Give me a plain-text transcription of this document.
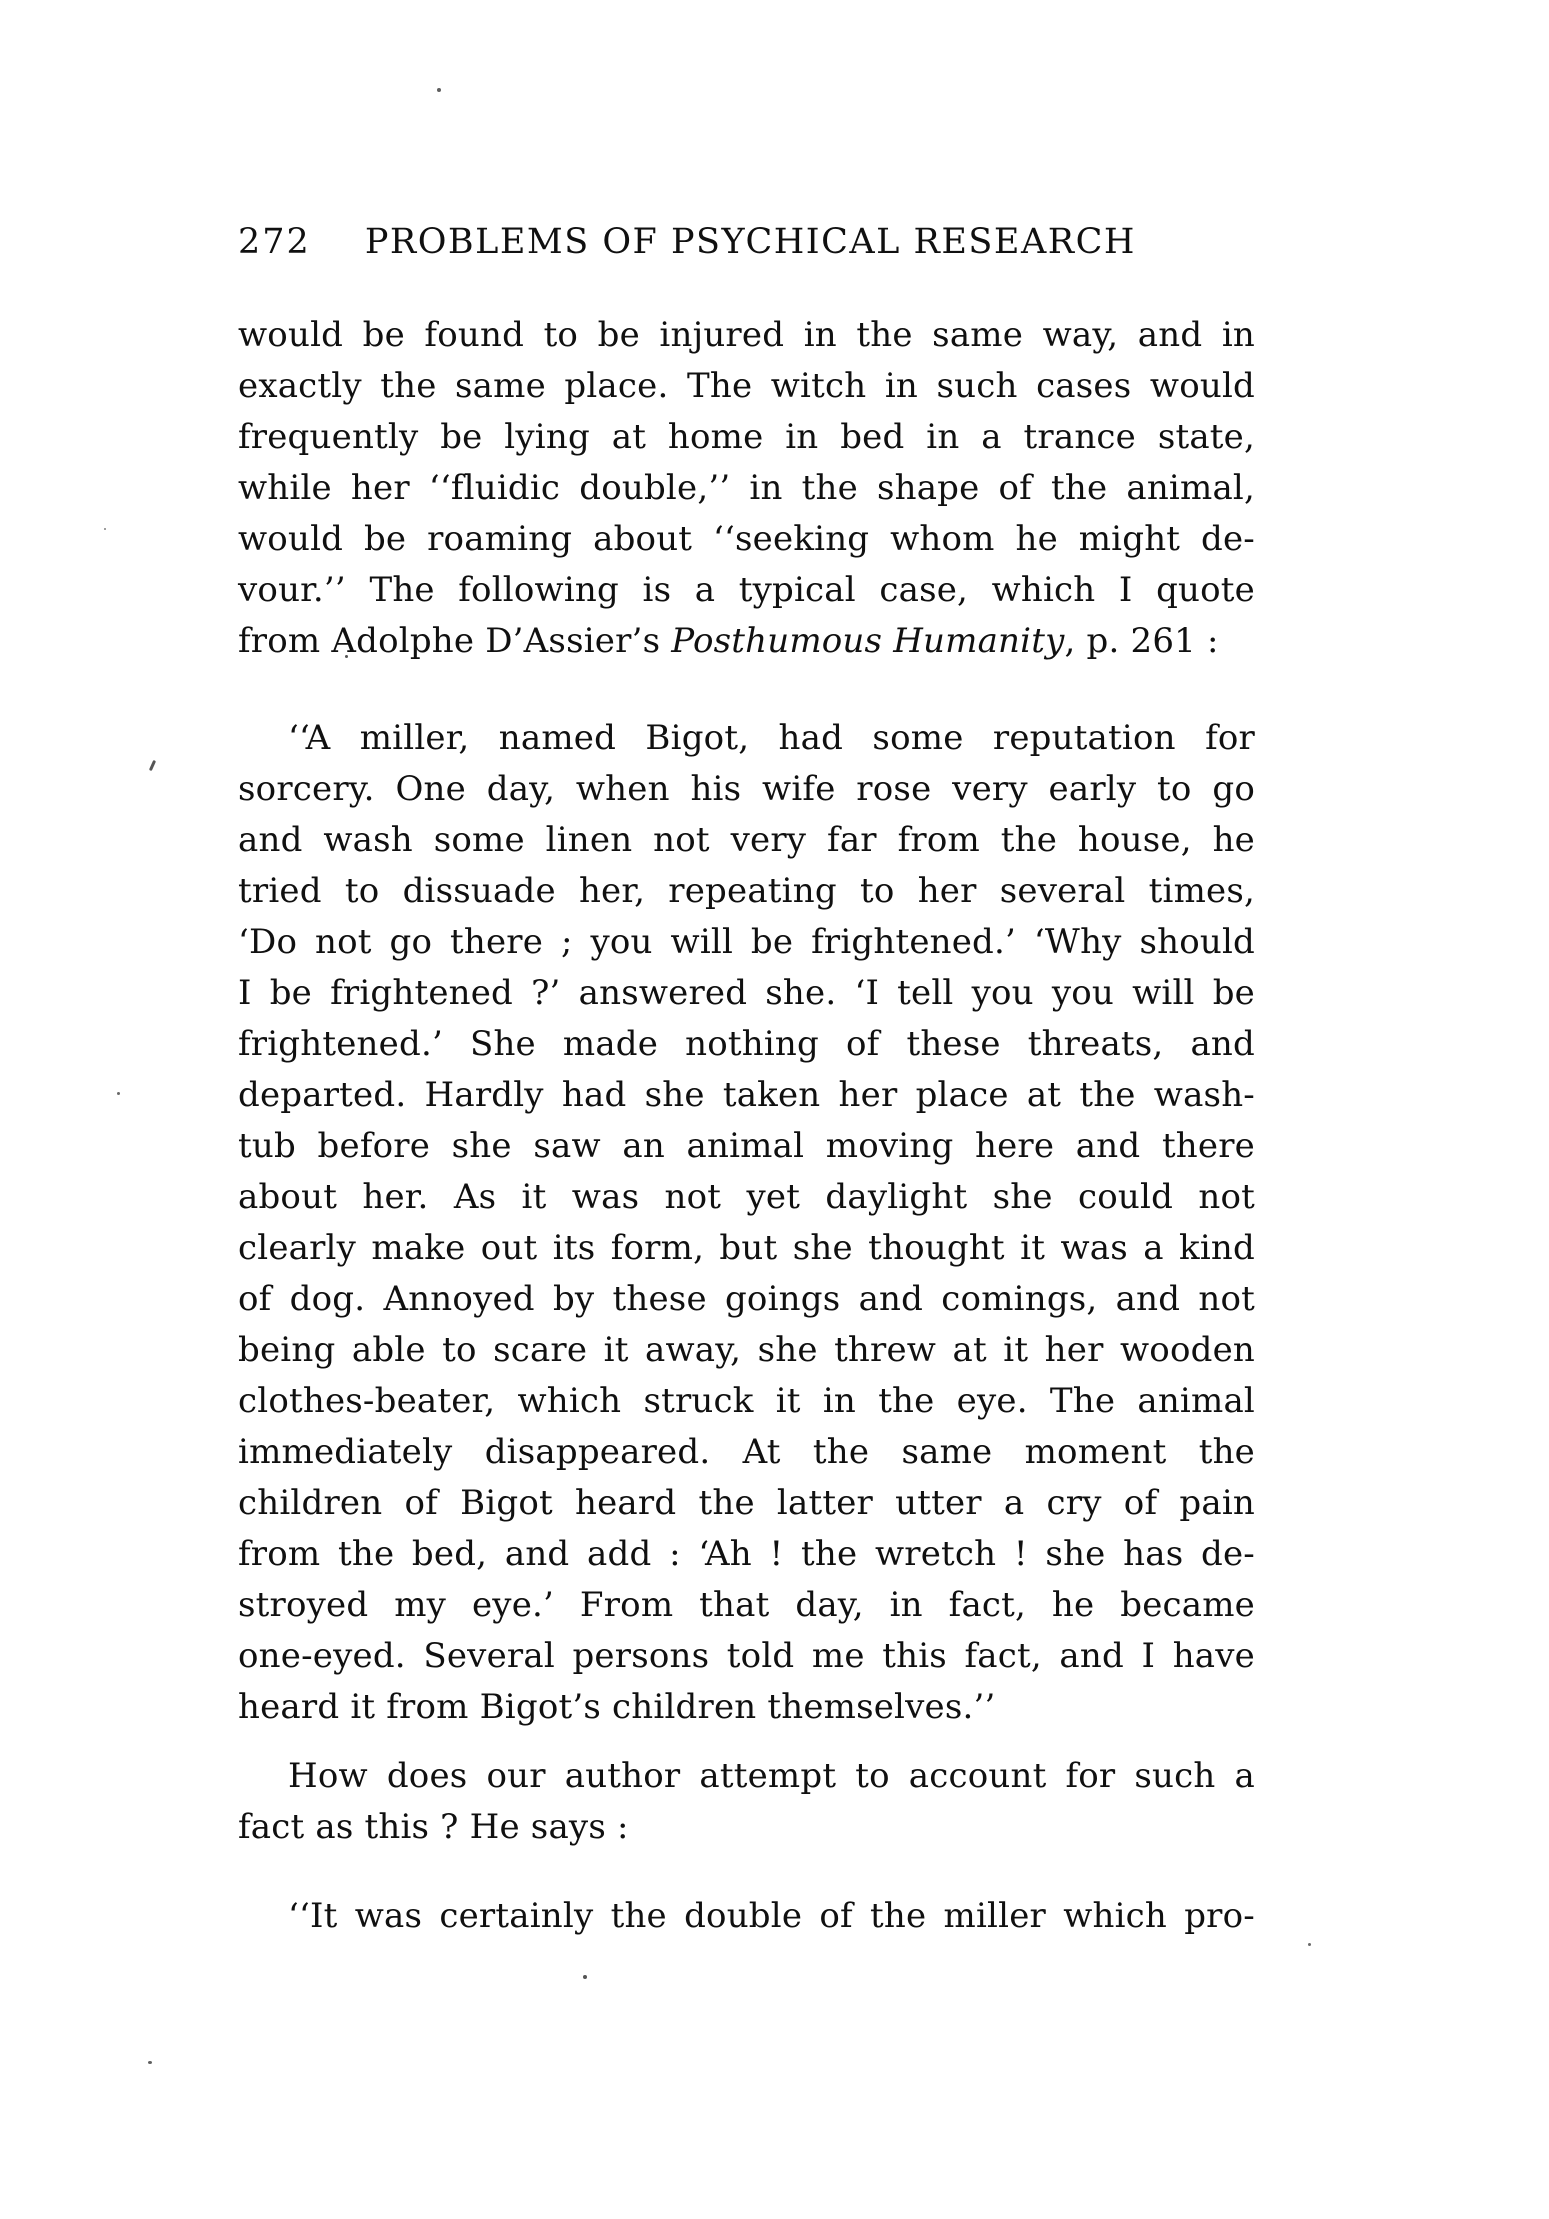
272 PROBLEMS OF PSYCHICAL RESEARCH
would be found to be injured in the same way, and in
exactly the same place. The witch in such cases would
frequently be lying at home in bed in a trance state,
while her ‘‘fluidic double,’’ in the shape of the animal,
would be roaming about ‘‘seeking whom he might de-
vour.’’ The following is a typical case, which I quote
from Adolphe D’Assier’s Posthumous Humanity, p. 261 :
‘‘A miller, named Bigot, had some reputation for
sorcery. One day, when his wife rose very early to go
and wash some linen not very far from the house, he
tried to dissuade her, repeating to her several times,
‘Do not go there ; you will be frightened.’ ‘Why should
I be frightened ?’ answered she. ‘I tell you you will be
frightened.’ She made nothing of these threats, and
departed. Hardly had she taken her place at the wash-
tub before she saw an animal moving here and there
about her. As it was not yet daylight she could not
clearly make out its form, but she thought it was a kind
of dog. Annoyed by these goings and comings, and not
being able to scare it away, she threw at it her wooden
clothes-beater, which struck it in the eye. The animal
immediately disappeared. At the same moment the
children of Bigot heard the latter utter a cry of pain
from the bed, and add : ‘Ah ! the wretch ! she has de-
stroyed my eye.’ From that day, in fact, he became
one-eyed. Several persons told me this fact, and I have
heard it from Bigot’s children themselves.’’
How does our author attempt to account for such a
fact as this ? He says :
‘‘It was certainly the double of the miller which pro-
